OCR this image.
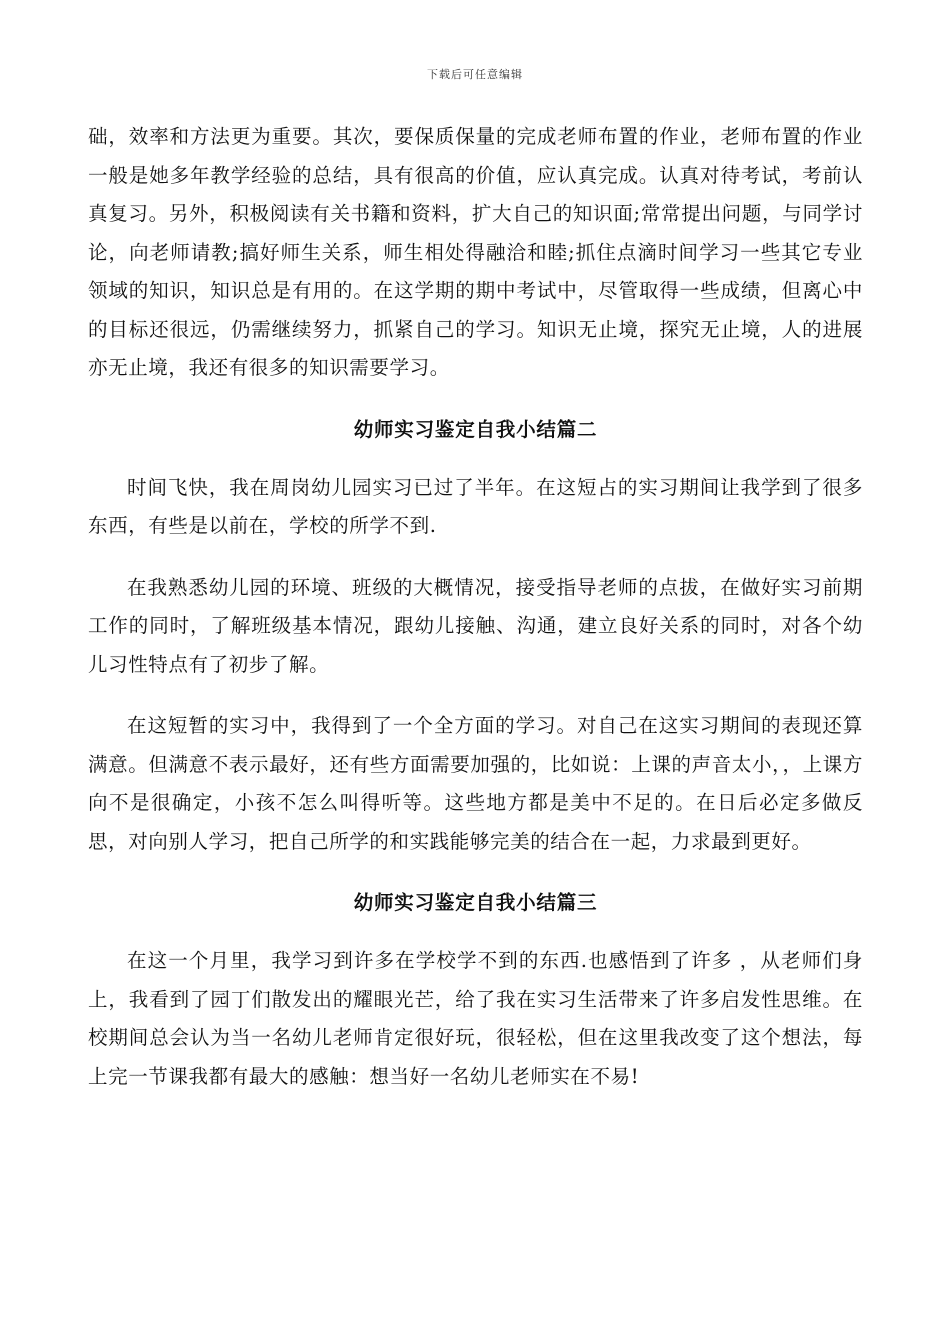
下载后可任意编辑

础，效率和方法更为重要。其次，要保质保量的完成老师布置的作业，老师布置的作业一般是她多年教学经验的总结，具有很高的价值，应认真完成。认真对待考试，考前认真复习。另外，积极阅读有关书籍和资料，扩大自己的知识面;常常提出问题，与同学讨论，向老师请教;搞好师生关系，师生相处得融洽和睦;抓住点滴时间学习一些其它专业领域的知识，知识总是有用的。在这学期的期中考试中，尽管取得一些成绩，但离心中的目标还很远，仍需继续努力，抓紧自己的学习。知识无止境，探究无止境，人的进展亦无止境，我还有很多的知识需要学习。

幼师实习鉴定自我小结篇二

时间飞快，我在周岗幼儿园实习已过了半年。在这短占的实习期间让我学到了很多东西，有些是以前在，学校的所学不到.

在我熟悉幼儿园的环境、班级的大概情况，接受指导老师的点拔，在做好实习前期工作的同时，了解班级基本情况，跟幼儿接触、沟通，建立良好关系的同时，对各个幼儿习性特点有了初步了解。

在这短暂的实习中，我得到了一个全方面的学习。对自己在这实习期间的表现还算满意。但满意不表示最好，还有些方面需要加强的，比如说：上课的声音太小，，上课方向不是很确定，小孩不怎么叫得听等。这些地方都是美中不足的。在日后必定多做反思，对向别人学习，把自己所学的和实践能够完美的结合在一起，力求最到更好。

幼师实习鉴定自我小结篇三

在这一个月里，我学习到许多在学校学不到的东西.也感悟到了许多 ，从老师们身上，我看到了园丁们散发出的耀眼光芒，给了我在实习生活带来了许多启发性思维。在校期间总会认为当一名幼儿老师肯定很好玩，很轻松，但在这里我改变了这个想法，每上完一节课我都有最大的感触：想当好一名幼儿老师实在不易!
